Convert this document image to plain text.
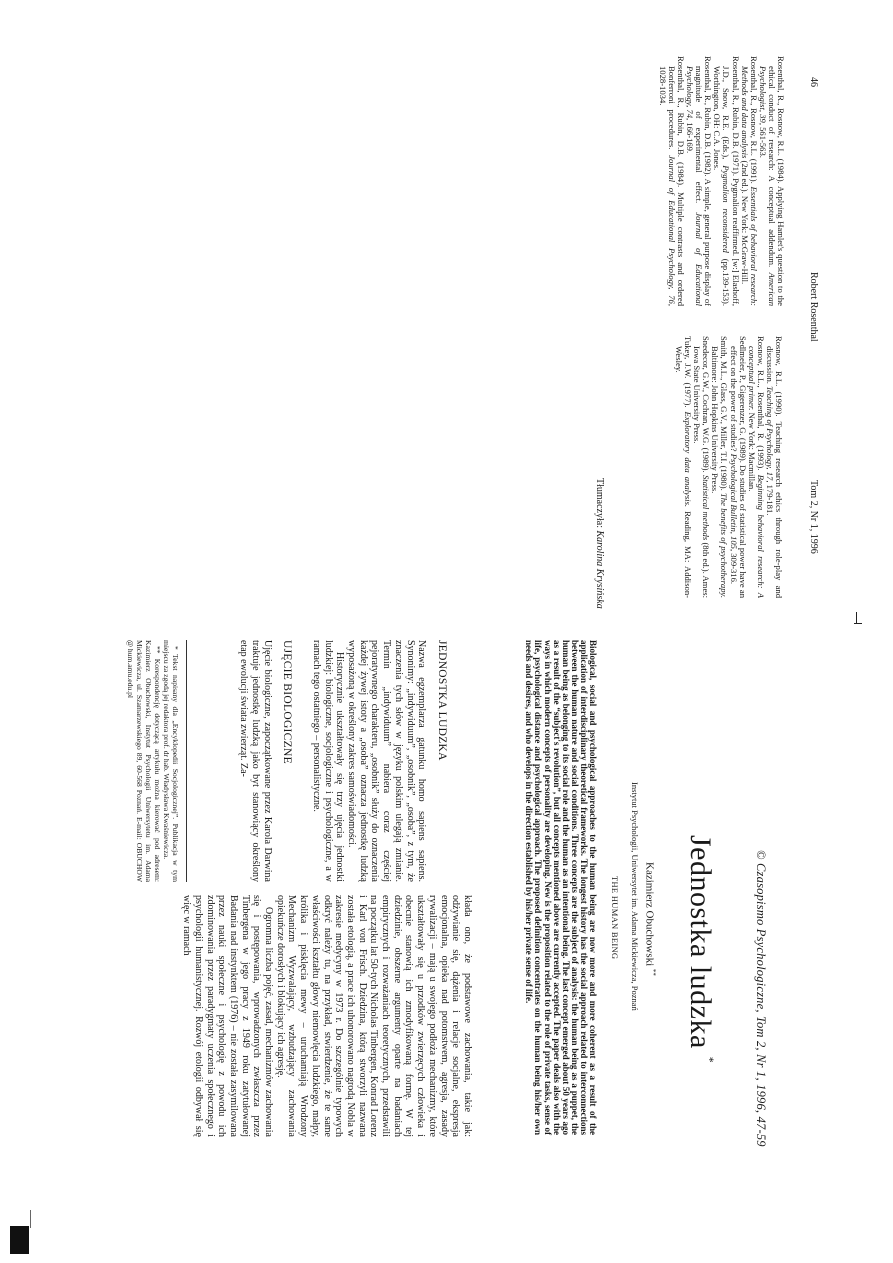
46
Robert Rosenthal
Tom 2, Nr 1, 1996
Rosenthal, R., Rosnow, R.L. (1984). Applying Hamlet's question to the ethical conduct of research: A conceptual addendum. American Psychologist, 39, 561-563.
Rosenthal, R., Rosnow, R.L. (1991). Essentials of behavioral research: Methods and data analysis (2nd ed.). New York: McGraw-Hill.
Rosenthal, R., Rubin, D.B. (1971). Pygmalion reaffirmed. [w:] Elashoff, J.D., Snow, R.E. (Eds.), Pygmalion reconsidered (pp.139-153). Worthington, OH: C.A. Jones.
Rosenthal, R., Rubin, D.B. (1982). A simple, general purpose display of magnitude of experimental effect. Journal of Educational Psychology, 74, 166-169.
Rosenthal, R., Rubin, D.B. (1984). Multiple contrasts and ordered Bonferroni procedures. Journal of Educational Psychology, 76, 1028-1034.
Rosnow, R.L. (1990). Teaching research ethics through role-play and discussion. Teaching of Psychology, 17, 179-181.
Rosnow, R.L., Rosenthal, R. (1993). Beginning behavioral research: A conceptual primer. New York: Macmillan.
Sedlmeier, P., Gigerenzer, G. (1989). Do studies of statistical power have an effect on the power of studies? Psychological Bulletin, 105, 309-316.
Smith, M.L., Glass, G.V., Miller, T.I. (1980). The benefits of psychotherapy. Baltimore: John Hopkins University Press.
Snedecor, G.W., Cochran, W.G. (1989). Statistical methods (8th ed.). Ames: Iowa State University Press.
Tukey, J.W. (1977). Exploratory data analysis. Reading, MA: Addison-Wesley.
Tłumaczyła: Karolina Krysińska
© Czasopismo Psychologiczne, Tom 2, Nr 1, 1996, 47-59
Jednostka ludzka *
Kazimierz Obuchowski **
Instytut Psychologii, Uniwersytet im. Adama Mickiewicza, Poznań
THE HUMAN BEING
Biological, social and psychological approaches to the human being are now more and more coherent as a result of the application of interdisciplinary theoretical frameworks. The longest history has the social approach related to interconnections between the human nature and social conditions. Three concepts are the subject of analysis: the human being as a puppet, the human being as belonging to its social role and the human as an intentional being. The last concept emerged about 50 years ago as a result of the “subject's revolution”, but all concepts mentioned above are currently accepted. The paper deals also with the ways in which modern concepts of personality are developing. New is the proposition related to the role of private tasks, sense of life, psychological distance and psychological approach. The proposed definition concentrates on the human being his/her own needs and desires, and who develops in the direction established by his/her private sense of life.
JEDNOSTKA LUDZKA

Nazwa egzemplarza gatunku homo sapiens sapiens. Synonimy: „indywiduum”, „osobnik”, „osoba”, z tym, że znaczenia tych słów w języku polskim ulegają zmianie. Termin „indywiduum” nabiera coraz częściej pejoratywnego charakteru, „osobnik” służy do oznaczenia każdej żywej istoty a „osoba” oznacza jednostkę ludzką wyposażoną w określony zakres samoświadomości.

Historycznie ukształtowały się trzy ujęcia jednostki ludzkiej: biologiczne, socjologiczne i psychologiczne, a w ramach tego ostatniego – personalistyczne.

UJĘCIE BIOLOGICZNE

Ujęcie biologiczne, zapoczątkowane przez Karola Darwina traktuje jednostkę ludzką jako byt stanowiący określony etap ewolucji świata zwierząt. Za-

* Tekst napisany dla „Encyklopedii Socjologicznej”. Publikacja w tym miejscu za zgodą jej redaktora prof. dr hab. Władysława Kwaśniewicza.

** Korespondencję dotyczącą artykułu można kierować pod adresem: Kazimierz Obuchowski, Instytut Psychologii Uniwersytetu im. Adama Mickiewicza, ul. Szamarzewskiego 89, 60-568 Poznań. E-mail: OBUCHOW @ hum.amu.edu.pl

kłada ono, że podstawowe zachowania, takie jak: odżywianie się, dążenia i relacje socjalne, ekspresja emocjonalna, opieka nad potomstwem, agresja, zasady rywalizacji – mają u swojego podłoża mechanizmy, które ukształtowały się u przodków zwierzęcych człowieka i obecnie stanowią ich zmodyfikowaną formę. W tej dziedzinie, obszerne argumenty oparte na badaniach empirycznych i rozważaniach teoretycznych, przedstawili na początku lat 50-tych Nicholas Tinbergen, Konrad Lorenz i Karl von Frisch. Dziedzina, którą stworzyli nazwana została etologią, a prace ich uhonorowano nagrodą Nobla w zakresie medycyny w 1973 r. Do szczególnie typowych odkryć należy tu, na przykład, stwierdzenie, że te same właściwości kształtu głowy niemowlęcia ludzkiego, małpy, królika i pisklęcia mewy – uruchamiają Wrodzony Mechanizm Wyzwalający, wzbudzający zachowania opiekuńcze dorosłych i blokujący ich agresję.

Ogromna liczba pojęć, zasad, mechanizmów zachowania się i postępowania, wprowadzonych zwłaszcza przez Tinbergena w jego pracy z 1949 roku zatytułowanej Badania nad instynktem (1976) – nie została zasymilowana przez nauki społeczne i psychologię z powodu ich zdominowania przez paradygmaty uczenia społecznego i psychologii humanistycznej. Rozwój etologii odbywał się więc w ramach
